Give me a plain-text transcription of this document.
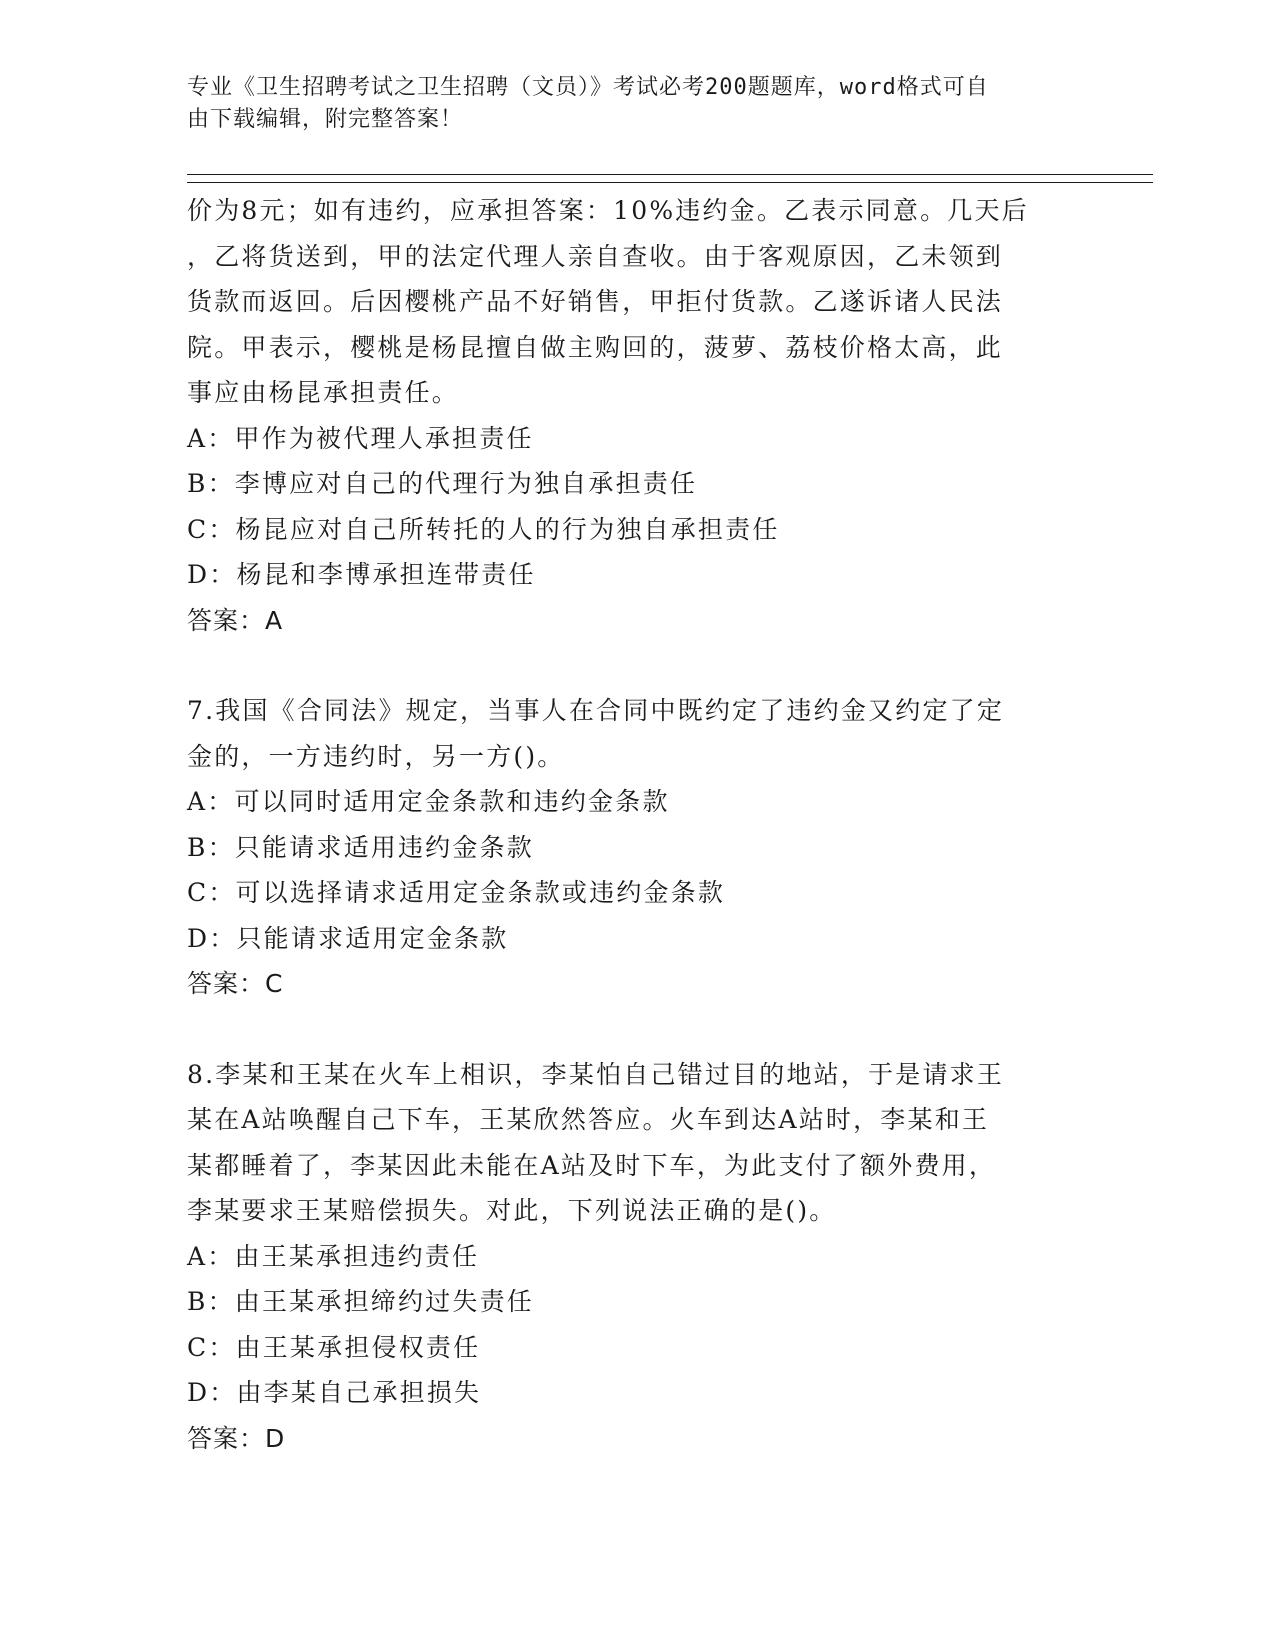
专业《卫生招聘考试之卫生招聘（文员）》考试必考200题题库，word格式可自
由下载编辑，附完整答案！

价为8元；如有违约，应承担答案：10%违约金。乙表示同意。几天后

，乙将货送到，甲的法定代理人亲自查收。由于客观原因，乙未领到

货款而返回。后因樱桃产品不好销售，甲拒付货款。乙遂诉诸人民法

院。甲表示，樱桃是杨昆擅自做主购回的，菠萝、荔枝价格太高，此

事应由杨昆承担责任。

A：甲作为被代理人承担责任

B：李博应对自己的代理行为独自承担责任

C：杨昆应对自己所转托的人的行为独自承担责任

D：杨昆和李博承担连带责任

答案：A

7.我国《合同法》规定，当事人在合同中既约定了违约金又约定了定

金的，一方违约时，另一方()。

A：可以同时适用定金条款和违约金条款

B：只能请求适用违约金条款

C：可以选择请求适用定金条款或违约金条款

D：只能请求适用定金条款

答案：C

8.李某和王某在火车上相识，李某怕自己错过目的地站，于是请求王

某在A站唤醒自己下车，王某欣然答应。火车到达A站时，李某和王

某都睡着了，李某因此未能在A站及时下车，为此支付了额外费用，

李某要求王某赔偿损失。对此，下列说法正确的是()。

A：由王某承担违约责任

B：由王某承担缔约过失责任

C：由王某承担侵权责任

D：由李某自己承担损失

答案：D
